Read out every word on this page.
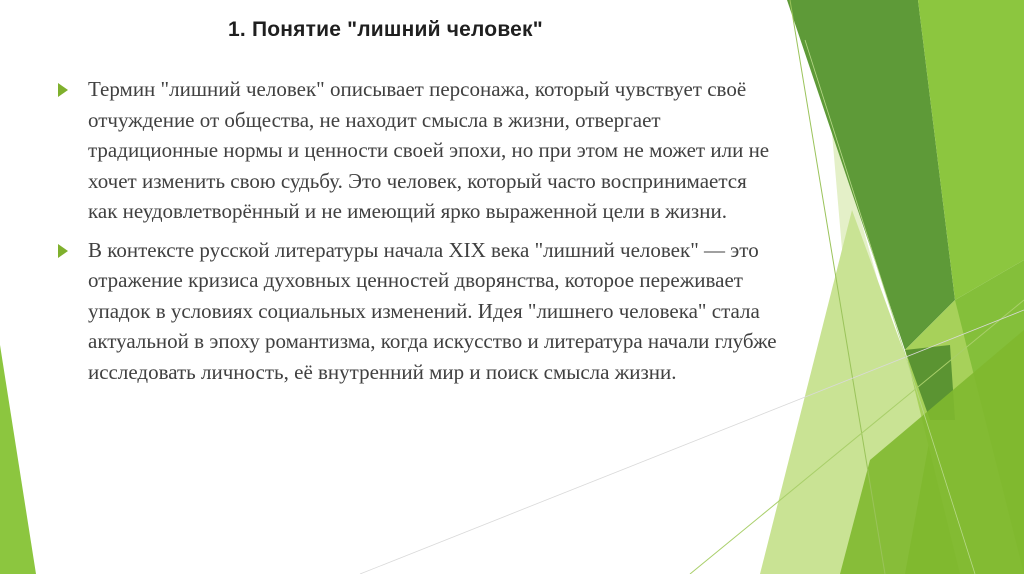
1. Понятие "лишний человек"
Термин "лишний человек" описывает персонажа, который чувствует своё отчуждение от общества, не находит смысла в жизни, отвергает традиционные нормы и ценности своей эпохи, но при этом не может или не хочет изменить свою судьбу. Это человек, который часто воспринимается как неудовлетворённый и не имеющий ярко выраженной цели в жизни.
В контексте русской литературы начала XIX века "лишний человек" — это отражение кризиса духовных ценностей дворянства, которое переживает упадок в условиях социальных изменений. Идея "лишнего человека" стала актуальной в эпоху романтизма, когда искусство и литература начали глубже исследовать личность, её внутренний мир и поиск смысла жизни.
